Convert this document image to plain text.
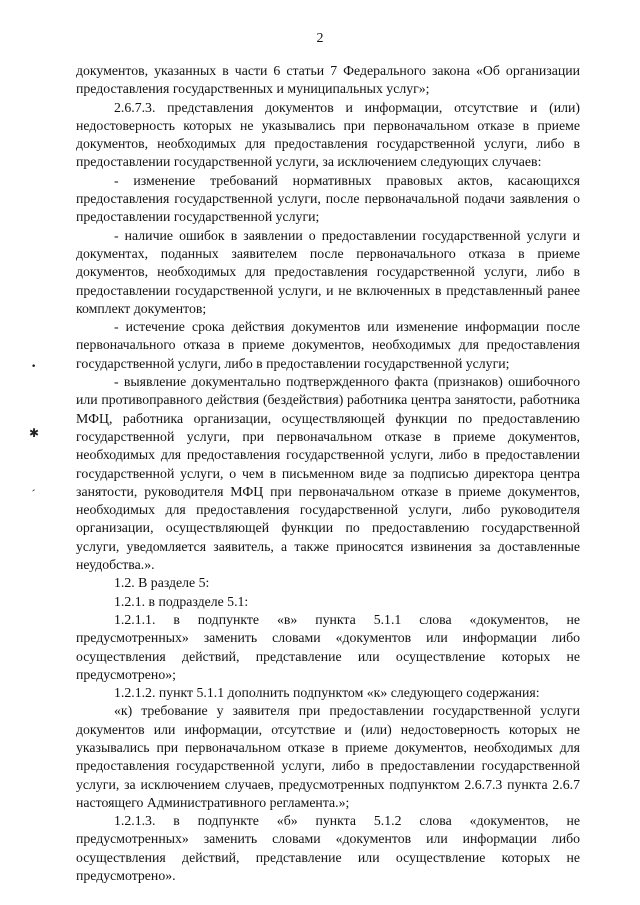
2

документов, указанных в части 6 статьи 7 Федерального закона «Об организации предоставления государственных и муниципальных услуг»;

2.6.7.3. представления документов и информации, отсутствие и (или) недостоверность которых не указывались при первоначальном отказе в приеме документов, необходимых для предоставления государственной услуги, либо в предоставлении государственной услуги, за исключением следующих случаев:

- изменение требований нормативных правовых актов, касающихся предоставления государственной услуги, после первоначальной подачи заявления о предоставлении государственной услуги;

- наличие ошибок в заявлении о предоставлении государственной услуги и документах, поданных заявителем после первоначального отказа в приеме документов, необходимых для предоставления государственной услуги, либо в предоставлении государственной услуги, и не включенных в представленный ранее комплект документов;

- истечение срока действия документов или изменение информации после первоначального отказа в приеме документов, необходимых для предоставления государственной услуги, либо в предоставлении государственной услуги;

- выявление документально подтвержденного факта (признаков) ошибочного или противоправного действия (бездействия) работника центра занятости, работника МФЦ, работника организации, осуществляющей функции по предоставлению государственной услуги, при первоначальном отказе в приеме документов, необходимых для предоставления государственной услуги, либо в предоставлении государственной услуги, о чем в письменном виде за подписью директора центра занятости, руководителя МФЦ при первоначальном отказе в приеме документов, необходимых для предоставления государственной услуги, либо руководителя организации, осуществляющей функции по предоставлению государственной услуги, уведомляется заявитель, а также приносятся извинения за доставленные неудобства.».

1.2. В разделе 5:

1.2.1. в подразделе 5.1:

1.2.1.1. в подпункте «в» пункта 5.1.1 слова «документов, не предусмотренных» заменить словами «документов или информации либо осуществления действий, представление или осуществление которых не предусмотрено»;

1.2.1.2. пункт 5.1.1 дополнить подпунктом «к» следующего содержания:

«к) требование у заявителя при предоставлении государственной услуги документов или информации, отсутствие и (или) недостоверность которых не указывались при первоначальном отказе в приеме документов, необходимых для предоставления государственной услуги, либо в предоставлении государственной услуги, за исключением случаев, предусмотренных подпунктом 2.6.7.3 пункта 2.6.7 настоящего Административного регламента.»;

1.2.1.3. в подпункте «б» пункта 5.1.2 слова «документов, не предусмотренных» заменить словами «документов или информации либо осуществления действий, представление или осуществление которых не предусмотрено».

•
✱
′
